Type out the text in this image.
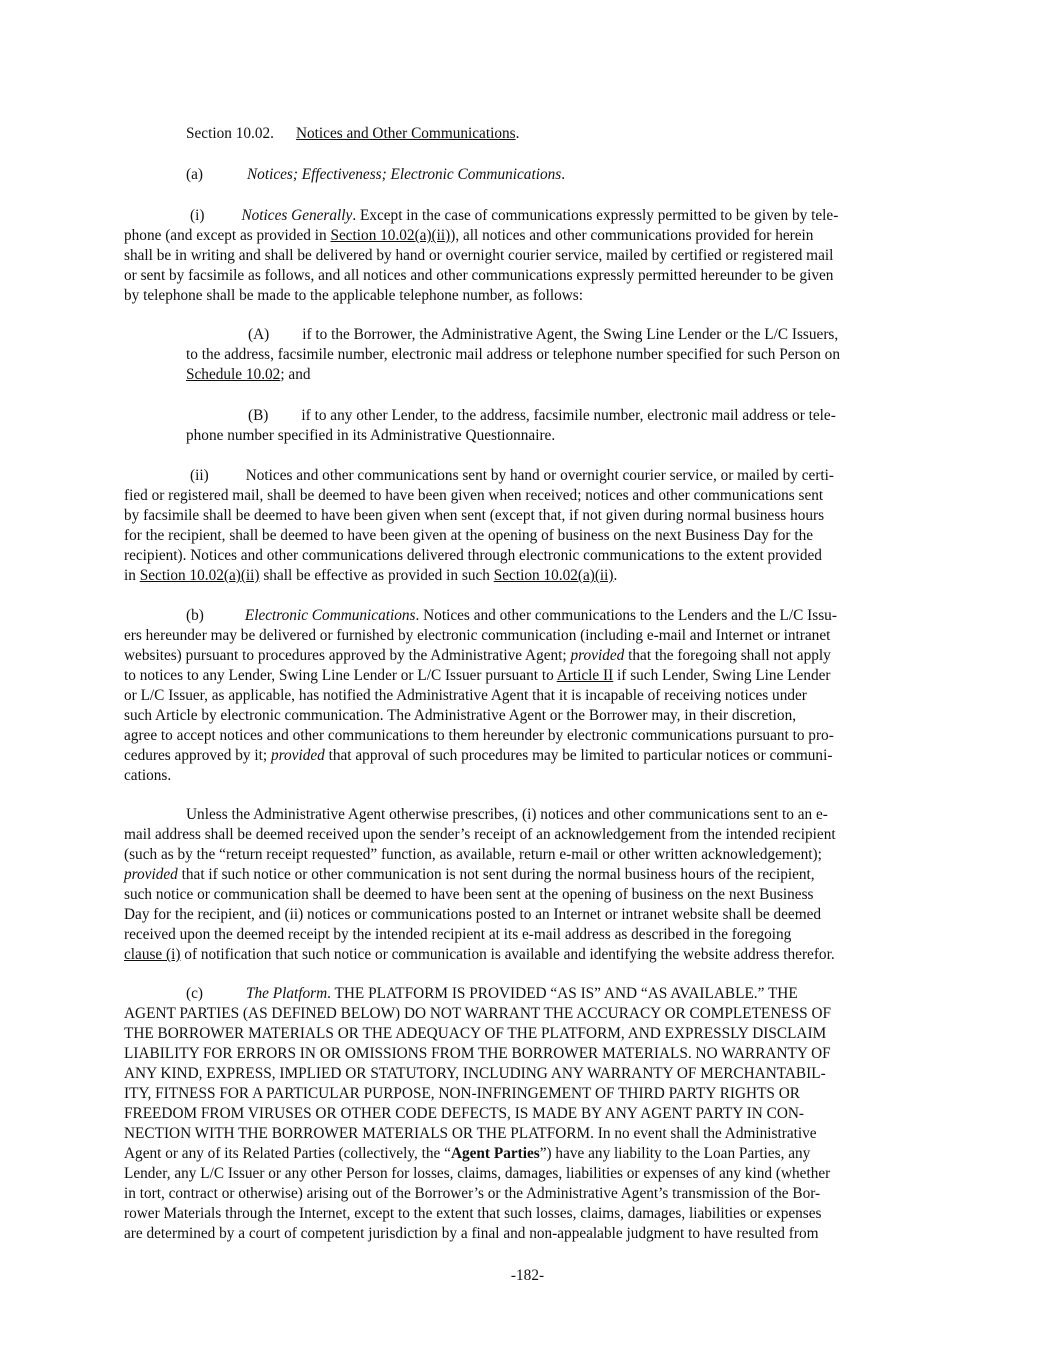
Section 10.02. Notices and Other Communications.

(a)	Notices; Effectiveness; Electronic Communications.

(i) Notices Generally. Except in the case of communications expressly permitted to be given by tele-
phone (and except as provided in Section 10.02(a)(ii)), all notices and other communications provided for herein
shall be in writing and shall be delivered by hand or overnight courier service, mailed by certified or registered mail
or sent by facsimile as follows, and all notices and other communications expressly permitted hereunder to be given
by telephone shall be made to the applicable telephone number, as follows:

(A) if to the Borrower, the Administrative Agent, the Swing Line Lender or the L/C Issuers,
to the address, facsimile number, electronic mail address or telephone number specified for such Person on
Schedule 10.02; and

(B) if to any other Lender, to the address, facsimile number, electronic mail address or tele-
phone number specified in its Administrative Questionnaire.

(ii) Notices and other communications sent by hand or overnight courier service, or mailed by certi-
fied or registered mail, shall be deemed to have been given when received; notices and other communications sent
by facsimile shall be deemed to have been given when sent (except that, if not given during normal business hours
for the recipient, shall be deemed to have been given at the opening of business on the next Business Day for the
recipient). Notices and other communications delivered through electronic communications to the extent provided
in Section 10.02(a)(ii) shall be effective as provided in such Section 10.02(a)(ii).

(b)	Electronic Communications. Notices and other communications to the Lenders and the L/C Issu-
ers hereunder may be delivered or furnished by electronic communication (including e-mail and Internet or intranet
websites) pursuant to procedures approved by the Administrative Agent; provided that the foregoing shall not apply
to notices to any Lender, Swing Line Lender or L/C Issuer pursuant to Article II if such Lender, Swing Line Lender
or L/C Issuer, as applicable, has notified the Administrative Agent that it is incapable of receiving notices under
such Article by electronic communication. The Administrative Agent or the Borrower may, in their discretion,
agree to accept notices and other communications to them hereunder by electronic communications pursuant to pro-
cedures approved by it; provided that approval of such procedures may be limited to particular notices or communi-
cations.

Unless the Administrative Agent otherwise prescribes, (i) notices and other communications sent to an e-
mail address shall be deemed received upon the sender’s receipt of an acknowledgement from the intended recipient
(such as by the “return receipt requested” function, as available, return e-mail or other written acknowledgement);
provided that if such notice or other communication is not sent during the normal business hours of the recipient,
such notice or communication shall be deemed to have been sent at the opening of business on the next Business
Day for the recipient, and (ii) notices or communications posted to an Internet or intranet website shall be deemed
received upon the deemed receipt by the intended recipient at its e-mail address as described in the foregoing
clause (i) of notification that such notice or communication is available and identifying the website address therefor.

(c)	The Platform. THE PLATFORM IS PROVIDED “AS IS” AND “AS AVAILABLE.” THE
AGENT PARTIES (AS DEFINED BELOW) DO NOT WARRANT THE ACCURACY OR COMPLETENESS OF
THE BORROWER MATERIALS OR THE ADEQUACY OF THE PLATFORM, AND EXPRESSLY DISCLAIM
LIABILITY FOR ERRORS IN OR OMISSIONS FROM THE BORROWER MATERIALS. NO WARRANTY OF
ANY KIND, EXPRESS, IMPLIED OR STATUTORY, INCLUDING ANY WARRANTY OF MERCHANTABIL-
ITY, FITNESS FOR A PARTICULAR PURPOSE, NON-INFRINGEMENT OF THIRD PARTY RIGHTS OR
FREEDOM FROM VIRUSES OR OTHER CODE DEFECTS, IS MADE BY ANY AGENT PARTY IN CON-
NECTION WITH THE BORROWER MATERIALS OR THE PLATFORM. In no event shall the Administrative
Agent or any of its Related Parties (collectively, the “Agent Parties”) have any liability to the Loan Parties, any
Lender, any L/C Issuer or any other Person for losses, claims, damages, liabilities or expenses of any kind (whether
in tort, contract or otherwise) arising out of the Borrower’s or the Administrative Agent’s transmission of the Bor-
rower Materials through the Internet, except to the extent that such losses, claims, damages, liabilities or expenses
are determined by a court of competent jurisdiction by a final and non-appealable judgment to have resulted from

-182-
